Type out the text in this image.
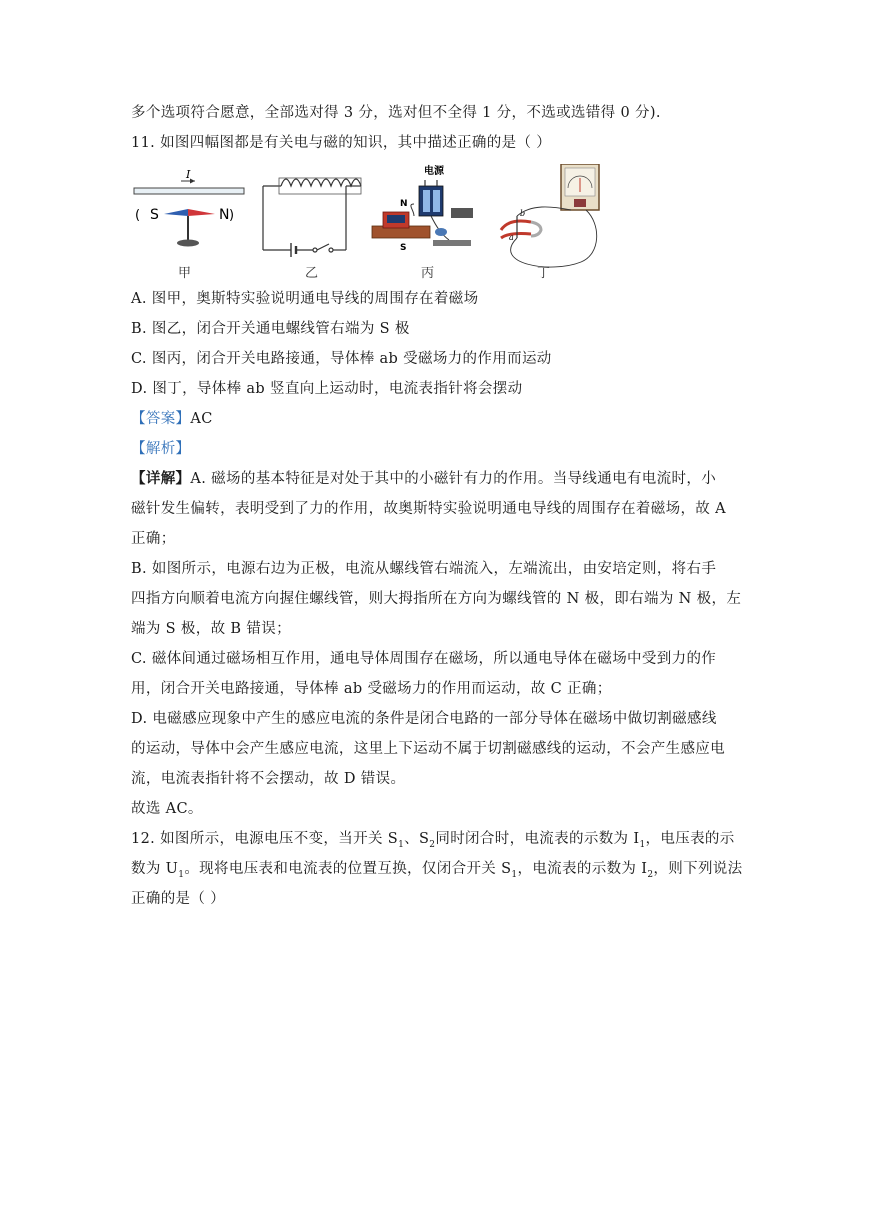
多个选项符合愿意，全部选对得 3 分，选对但不全得 1 分，不选或选错得 0 分).
11. 如图四幅图都是有关电与磁的知识，其中描述正确的是（ ）
I
(	)
S	N
电源
N
S
a
b
甲	乙	丙	丁
A. 图甲，奥斯特实验说明通电导线的周围存在着磁场
B. 图乙，闭合开关通电螺线管右端为 S 极
C. 图丙，闭合开关电路接通，导体棒 ab 受磁场力的作用而运动
D. 图丁，导体棒 ab 竖直向上运动时，电流表指针将会摆动
【答案】AC
【解析】
【详解】A. 磁场的基本特征是对处于其中的小磁针有力的作用。当导线通电有电流时，小
磁针发生偏转，表明受到了力的作用，故奥斯特实验说明通电导线的周围存在着磁场，故 A
正确；
B. 如图所示，电源右边为正极，电流从螺线管右端流入，左端流出，由安培定则，将右手
四指方向顺着电流方向握住螺线管，则大拇指所在方向为螺线管的 N 极，即右端为 N 极，左
端为 S 极，故 B 错误；
C. 磁体间通过磁场相互作用，通电导体周围存在磁场，所以通电导体在磁场中受到力的作
用，闭合开关电路接通，导体棒 ab 受磁场力的作用而运动，故 C 正确；
D. 电磁感应现象中产生的感应电流的条件是闭合电路的一部分导体在磁场中做切割磁感线
的运动，导体中会产生感应电流，这里上下运动不属于切割磁感线的运动，不会产生感应电
流，电流表指针将不会摆动，故 D 错误。
故选 AC。
12. 如图所示，电源电压不变，当开关 $S_1$、$S_2$同时闭合时，电流表的示数为 $I_1$，电压表的示
数为 $U_1$。现将电压表和电流表的位置互换，仅闭合开关 $S_1$，电流表的示数为 $I_2$，则下列说法
正确的是（ ）
